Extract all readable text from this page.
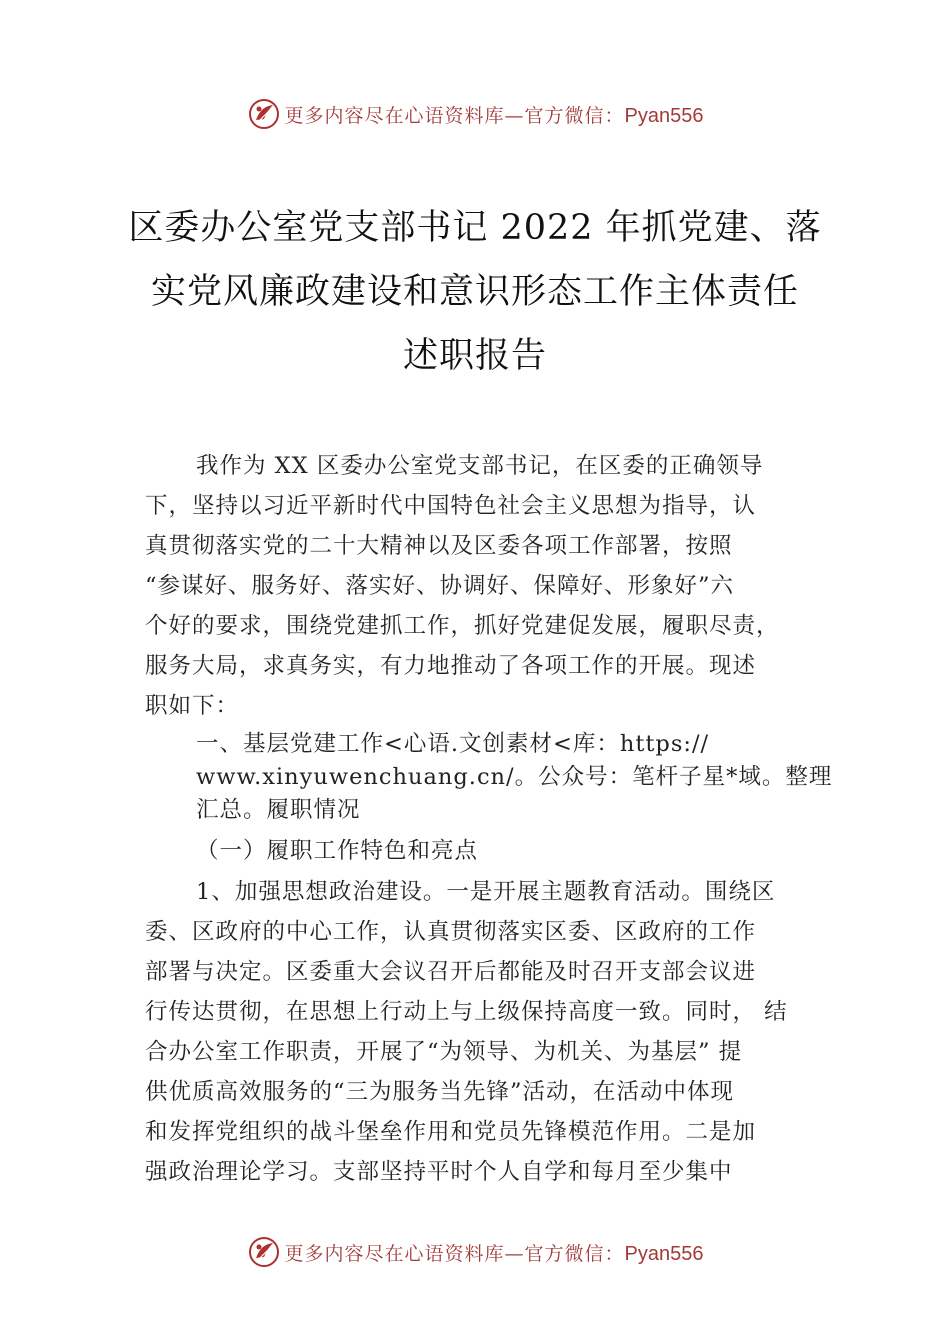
更多内容尽在心语资料库—官方微信：Pyan556
区委办公室党支部书记 2022 年抓党建、落
实党风廉政建设和意识形态工作主体责任
述职报告
我作为 XX 区委办公室党支部书记，在区委的正确领导
下，坚持以习近平新时代中国特色社会主义思想为指导，认
真贯彻落实党的二十大精神以及区委各项工作部署，按照
“参谋好、服务好、落实好、协调好、保障好、形象好”六
个好的要求，围绕党建抓工作，抓好党建促发展，履职尽责，
服务大局，求真务实，有力地推动了各项工作的开展。现述
职如下：
一、基层党建工作<心语.文创素材<库：https://
www.xinyuwenchuang.cn/。公众号：笔杆子星*域。整理
汇总。履职情况
（一）履职工作特色和亮点
1、加强思想政治建设。一是开展主题教育活动。围绕区
委、区政府的中心工作，认真贯彻落实区委、区政府的工作
部署与决定。区委重大会议召开后都能及时召开支部会议进
行传达贯彻，在思想上行动上与上级保持高度一致。同时， 结
合办公室工作职责，开展了“为领导、为机关、为基层” 提
供优质高效服务的“三为服务当先锋”活动，在活动中体现
和发挥党组织的战斗堡垒作用和党员先锋模范作用。二是加
强政治理论学习。支部坚持平时个人自学和每月至少集中
更多内容尽在心语资料库—官方微信：Pyan556
